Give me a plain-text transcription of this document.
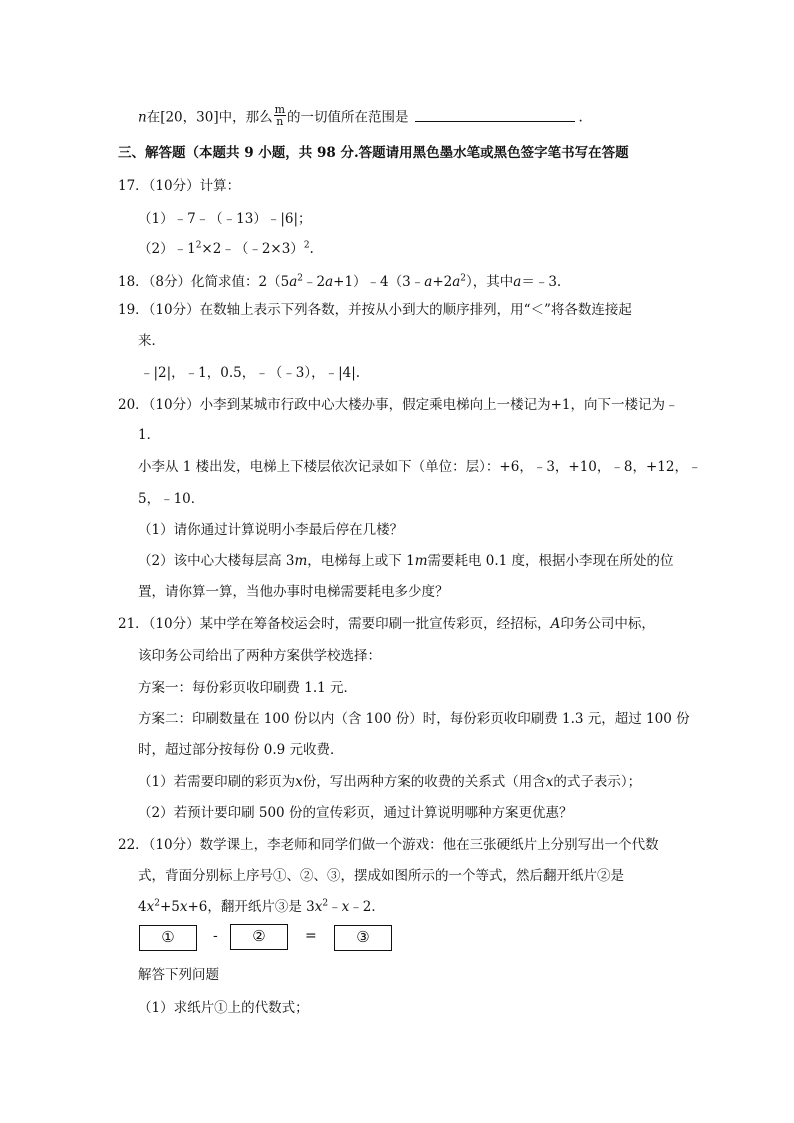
n在[20，30]中，那么 $\frac{m}{n}$ 的一切值所在范围是	.
三、解答题（本题共 9 小题，共 98 分.答题请用黑色墨水笔或黑色签字笔书写在答题
17．（10分）计算：
（1）﹣7﹣（﹣13）﹣|6|；
$(2)﹣1^2\times 2﹣(﹣2\times 3)^2$.
18．（8分）化简求值：$2(5a^2﹣2a+1)﹣4(3﹣a+2a^2)$，其中a＝﹣3.
19．（10分）在数轴上表示下列各数，并按从小到大的顺序排列，用“＜”将各数连接起
来．
﹣|2|，﹣1，0.5，﹣（﹣3），﹣|4|.
20．（10分）小李到某城市行政中心大楼办事，假定乘电梯向上一楼记为+1，向下一楼记为﹣
1．
小李从 1 楼出发，电梯上下楼层依次记录如下（单位：层）：+6，﹣3，+10，﹣8，+12，﹣
5，﹣10．
（1）请你通过计算说明小李最后停在几楼？
（2）该中心大楼每层高 3m，电梯每上或下 1m需要耗电 0.1 度，根据小李现在所处的位
置，请你算一算，当他办事时电梯需要耗电多少度？
21．（10分）某中学在筹备校运会时，需要印刷一批宣传彩页，经招标，A印务公司中标，
该印务公司给出了两种方案供学校选择：
方案一：每份彩页收印刷费 1.1 元．
方案二：印刷数量在 100 份以内（含 100 份）时，每份彩页收印刷费 1.3 元，超过 100 份
时，超过部分按每份 0.9 元收费．
（1）若需要印刷的彩页为x份，写出两种方案的收费的关系式（用含x的式子表示）；
（2）若预计要印刷 500 份的宣传彩页，通过计算说明哪种方案更优惠？
22．（10分）数学课上，李老师和同学们做一个游戏：他在三张硬纸片上分别写出一个代数
式，背面分别标上序号①、②、③，摆成如图所示的一个等式，然后翻开纸片②是
$4x^2+5x+6$，翻开纸片③是 $3x^2﹣x﹣2$．
①	-	②	=	③
解答下列问题
（1）求纸片①上的代数式；
